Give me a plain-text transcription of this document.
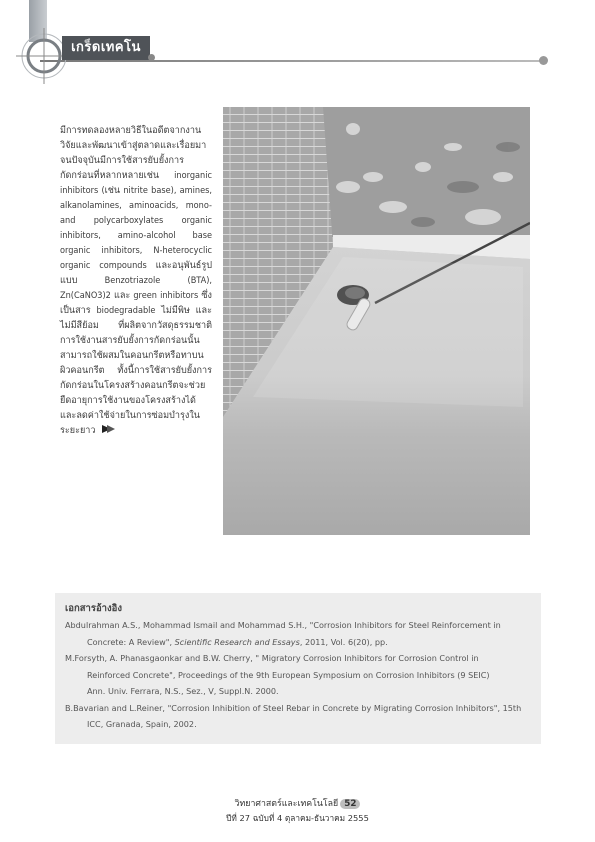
เกร็ดเทคโน
มีการทดลองหลายวิธีในอดีตจากงานวิจัยและพัฒนาเข้าสู่ตลาดและเรื่อยมาจนปัจจุบันมีการใช้สารยับยั้งการกัดกร่อนที่หลากหลายเช่น inorganic inhibitors (เช่น nitrite base), amines, alkanolamines, aminoacids, mono- and polycarboxylates organic inhibitors, amino-alcohol base organic inhibitors, N-heterocyclic organic compounds และอนุพันธ์รูปแบบ Benzotriazole (BTA), Zn(CaNO3)2 และ green inhibitors ซึ่งเป็นสาร biodegradable ไม่มีพิษ และไม่มีสีย้อม ที่ผลิตจากวัสดุธรรมชาติ การใช้งานสารยับยั้งการกัดกร่อนนั้นสามารถใช้ผสมในคอนกรีตหรือทาบนผิวคอนกรีต ทั้งนี้การใช้สารยับยั้งการกัดกร่อนในโครงสร้างคอนกรีตจะช่วยยืดอายุการใช้งานของโครงสร้างได้ และลดค่าใช้จ่ายในการซ่อมบำรุงในระยะยาว
เอกสารอ้างอิง

Abdulrahman A.S., Mohammad Ismail and Mohammad S.H., "Corrosion Inhibitors for Steel Reinforcement in
Concrete: A Review", Scientific Research and Essays, 2011, Vol. 6(20), pp.

M.Forsyth, A. Phanasgaonkar and B.W. Cherry, " Migratory Corrosion Inhibitors for Corrosion Control in
Reinforced Concrete", Proceedings of the 9th European Symposium on Corrosion Inhibitors (9 SEIC)
Ann. Univ. Ferrara, N.S., Sez., V, Suppl.N. 2000.

B.Bavarian and L.Reiner, "Corrosion Inhibition of Steel Rebar in Concrete by Migrating Corrosion Inhibitors", 15th
ICC, Granada, Spain, 2002.

วิทยาศาสตร์และเทคโนโลยี 52
ปีที่ 27 ฉบับที่ 4 ตุลาคม-ธันวาคม 2555
